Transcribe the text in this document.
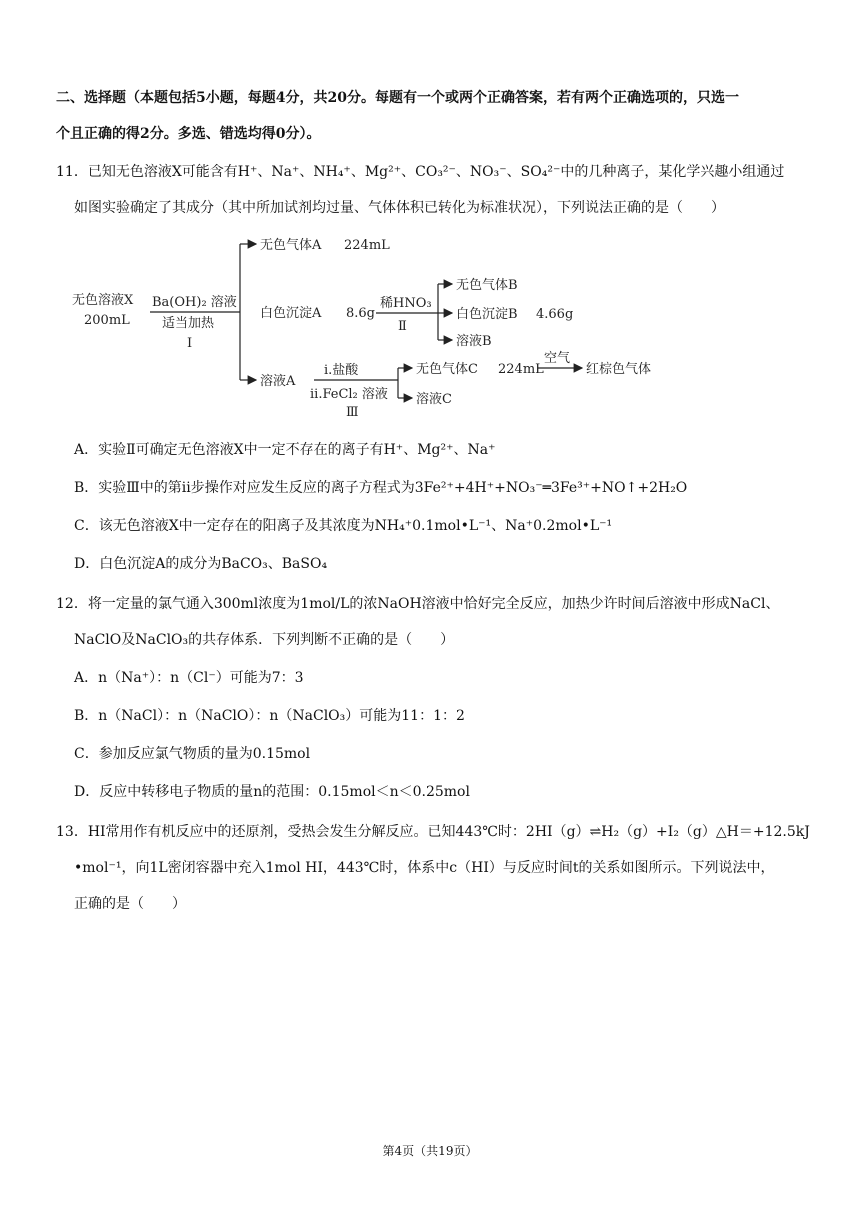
二、选择题（本题包括5小题，每题4分，共20分。每题有一个或两个正确答案，若有两个正确选项的，只选一
个且正确的得2分。多选、错选均得0分）。
11．已知无色溶液X可能含有H⁺、Na⁺、NH₄⁺、Mg²⁺、CO₃²⁻、NO₃⁻、SO₄²⁻中的几种离子，某化学兴趣小组通过
如图实验确定了其成分（其中所加试剂均过量、气体体积已转化为标准状况），下列说法正确的是（　　）
无色溶液X
200mL
Ba(OH)₂ 溶液
适当加热
Ⅰ
无色气体A 224mL
白色沉淀A 8.6g
稀HNO₃
Ⅱ
无色气体B
白色沉淀B 4.66g
溶液B
溶液A
i.盐酸
ii.FeCl₂ 溶液
Ⅲ
无色气体C 224mL
空气
红棕色气体
溶液C
A．实验Ⅱ可确定无色溶液X中一定不存在的离子有H⁺、Mg²⁺、Na⁺
B．实验Ⅲ中的第ii步操作对应发生反应的离子方程式为3Fe²⁺+4H⁺+NO₃⁻═3Fe³⁺+NO↑+2H₂O
C．该无色溶液X中一定存在的阳离子及其浓度为NH₄⁺0.1mol•L⁻¹、Na⁺0.2mol•L⁻¹
D．白色沉淀A的成分为BaCO₃、BaSO₄
12．将一定量的氯气通入300ml浓度为1mol/L的浓NaOH溶液中恰好完全反应，加热少许时间后溶液中形成NaCl、
NaClO及NaClO₃的共存体系．下列判断不正确的是（　　）
A．n（Na⁺）：n（Cl⁻）可能为7：3
B．n（NaCl）：n（NaClO）：n（NaClO₃）可能为11：1：2
C．参加反应氯气物质的量为0.15mol
D．反应中转移电子物质的量n的范围：0.15mol＜n＜0.25mol
13．HI常用作有机反应中的还原剂，受热会发生分解反应。已知443℃时：2HI（g）⇌H₂（g）+I₂（g）△H＝+12.5kJ
•mol⁻¹，向1L密闭容器中充入1mol HI，443℃时，体系中c（HI）与反应时间t的关系如图所示。下列说法中，
正确的是（　　）
第4页（共19页）
